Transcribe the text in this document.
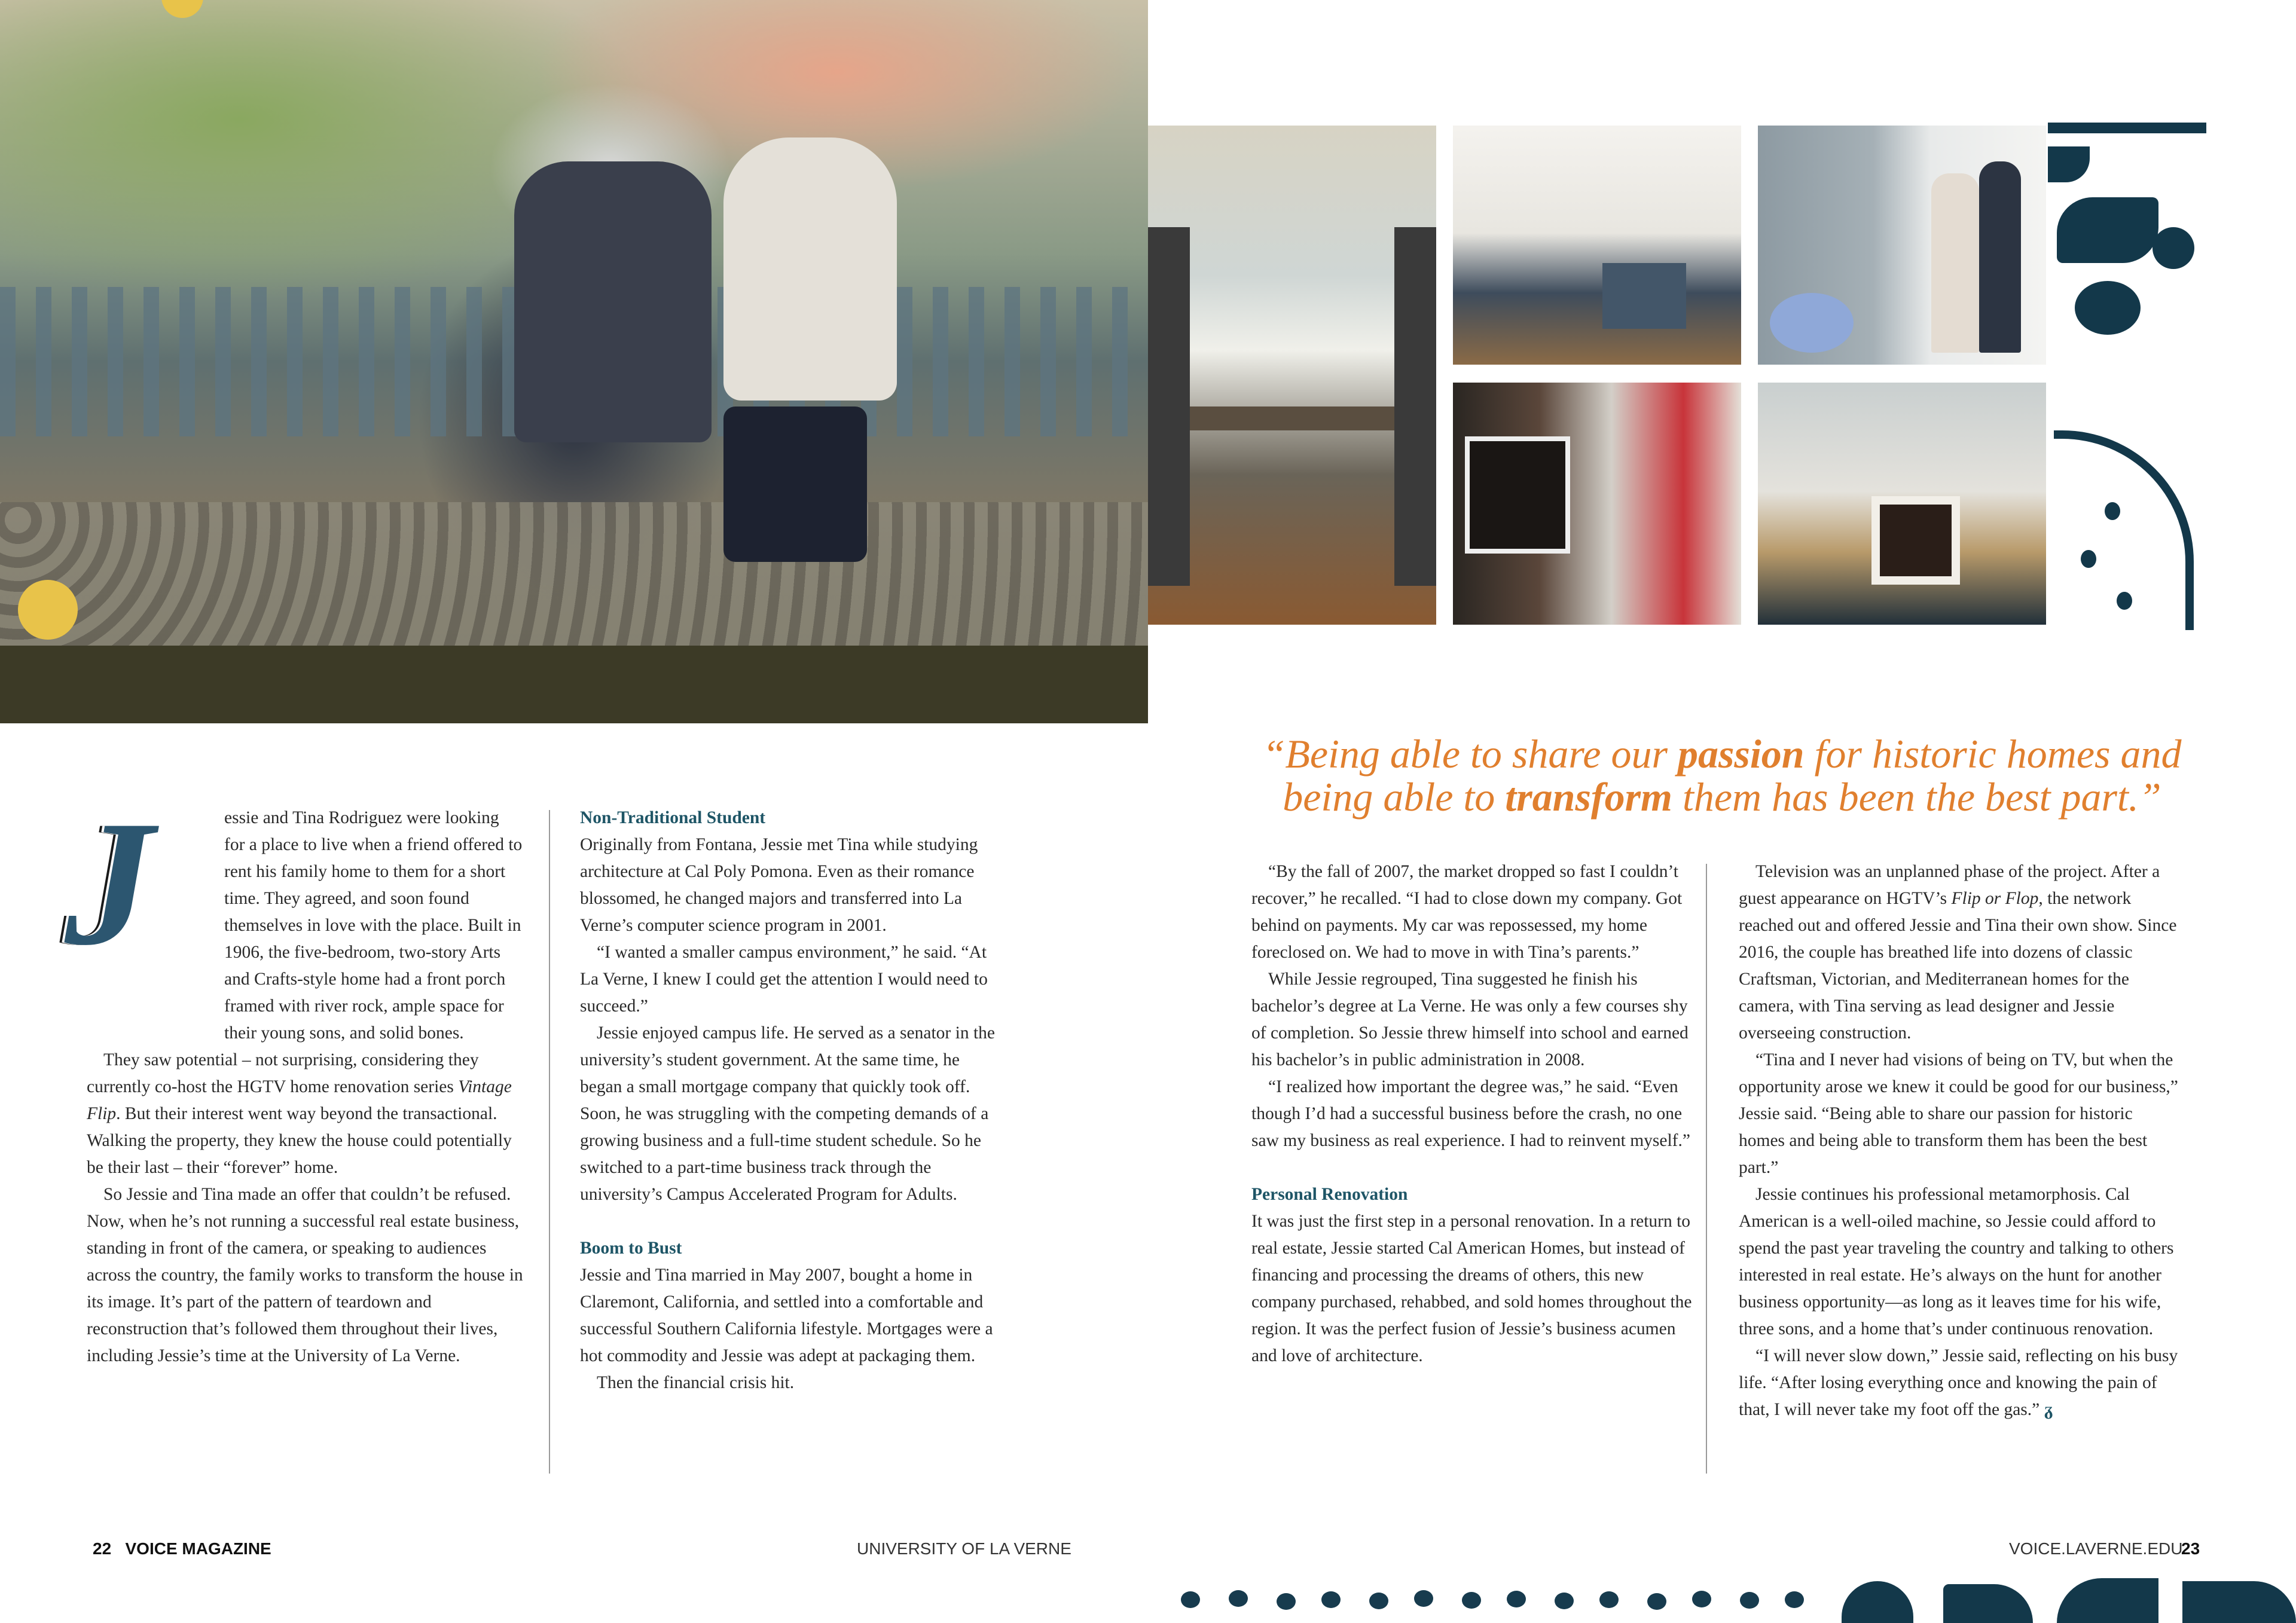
“Being able to share our passion for historic homes and being able to transform them has been the best part.”
J	essie and Tina Rodriguez were looking for a place to live when a friend offered to rent his family home to them for a short time. They agreed, and soon found themselves in love with the place. Built in 1906, the five-bedroom, two-story Arts and Crafts-style home had a front porch framed with river rock, ample space for their young sons, and solid bones.

They saw potential – not surprising, considering they currently co-host the HGTV home renovation series Vintage Flip. But their interest went way beyond the transactional. Walking the property, they knew the house could potentially be their last – their “forever” home.

So Jessie and Tina made an offer that couldn’t be refused. Now, when he’s not running a successful real estate business, standing in front of the camera, or speaking to audiences across the country, the family works to transform the house in its image. It’s part of the pattern of teardown and reconstruction that’s followed them throughout their lives, including Jessie’s time at the University of La Verne.

Non-Traditional Student

Originally from Fontana, Jessie met Tina while studying architecture at Cal Poly Pomona. Even as their romance blossomed, he changed majors and transferred into La Verne’s computer science program in 2001.

“I wanted a smaller campus environment,” he said. “At La Verne, I knew I could get the attention I would need to succeed.”

Jessie enjoyed campus life. He served as a senator in the university’s student government. At the same time, he began a small mortgage company that quickly took off. Soon, he was struggling with the competing demands of a growing business and a full-time student schedule. So he switched to a part-time business track through the university’s Campus Accelerated Program for Adults.

Boom to Bust

Jessie and Tina married in May 2007, bought a home in Claremont, California, and settled into a comfortable and successful Southern California lifestyle. Mortgages were a hot commodity and Jessie was adept at packaging them.

Then the financial crisis hit.

“By the fall of 2007, the market dropped so fast I couldn’t recover,” he recalled. “I had to close down my company. Got behind on payments. My car was repossessed, my home foreclosed on. We had to move in with Tina’s parents.”

While Jessie regrouped, Tina suggested he finish his bachelor’s degree at La Verne. He was only a few courses shy of completion. So Jessie threw himself into school and earned his bachelor’s in public administration in 2008.

“I realized how important the degree was,” he said. “Even though I’d had a successful business before the crash, no one saw my business as real experience. I had to reinvent myself.”

Personal Renovation

It was just the first step in a personal renovation. In a return to real estate, Jessie started Cal American Homes, but instead of financing and processing the dreams of others, this new company purchased, rehabbed, and sold homes throughout the region. It was the perfect fusion of Jessie’s business acumen and love of architecture.

Television was an unplanned phase of the project. After a guest appearance on HGTV’s Flip or Flop, the network reached out and offered Jessie and Tina their own show. Since 2016, the couple has breathed life into dozens of classic Craftsman, Victorian, and Mediterranean homes for the camera, with Tina serving as lead designer and Jessie overseeing construction.

“Tina and I never had visions of being on TV, but when the opportunity arose we knew it could be good for our business,” Jessie said. “Being able to share our passion for historic homes and being able to transform them has been the best part.”

Jessie continues his professional metamorphosis. Cal American is a well-oiled machine, so Jessie could afford to spend the past year traveling the country and talking to others interested in real estate. He’s always on the hunt for another business opportunity—as long as it leaves time for his wife, three sons, and a home that’s under continuous renovation.

“I will never slow down,” Jessie said, reflecting on his busy life. “After losing everything once and knowing the pain of that, I will never take my foot off the gas.” ᵹ

22 VOICE MAGAZINE	UNIVERSITY OF LA VERNE	VOICE.LAVERNE.EDU
23
